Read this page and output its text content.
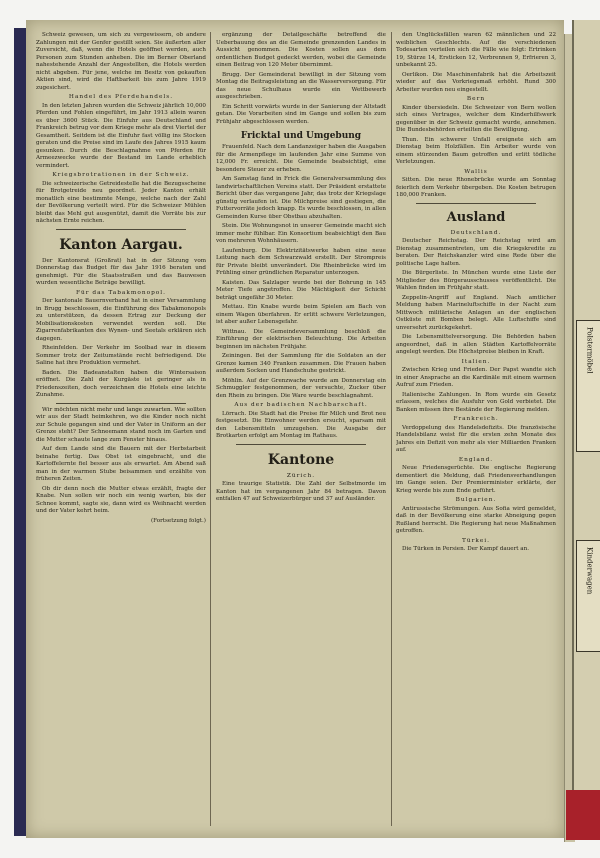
Schweiz gewesen, um sich zu vergewissern, ob andere Zahlungen mit der Genfer gestillt seien. Sie äußerten aller Zuversicht, daß, wenn die Hotels geöffnet werden, auch Personen zum Stunden anheben. Die im Berner Oberland nahestehende Anzahl der Angestellten, die Hotels werden nicht abgeben. Für jene, welche im Besitz von gekauften Aktien sind, wird die Haftbarkeit bis zum Jahre 1919 zugesichert.

Handel des Pferdehandels.

In den letzten Jahren wurden die Schweiz jährlich 10,000 Pferden und Fohlen eingeführt, im Jahr 1913 allein waren es über 3600 Stück. Die Einfuhr aus Deutschland und Frankreich betrug vor dem Kriege mehr als drei Viertel der Gesamtheit. Seitdem ist die Einfuhr fast völlig ins Stocken geraten und die Preise sind im Laufe des Jahres 1915 kaum gesunken. Durch die Beschlagnahme von Pferden für Armeezwecke wurde der Bestand im Lande erheblich vermindert.

Kriegsbrotrationen in der Schweiz.

Die schweizerische Getreidestelle hat die Bezugsscheine für Brotgetreide neu geordnet. Jeder Kanton erhält monatlich eine bestimmte Menge, welche nach der Zahl der Bevölkerung verteilt wird. Für die Schweizer Mühlen bleibt das Mehl gut ausgenützt, damit die Vorräte bis zur nächsten Ernte reichen.

Kanton Aargau.

Der Kantonsrat (Großrat) hat in der Sitzung vom Donnerstag das Budget für das Jahr 1916 beraten und genehmigt. Für die Staatsstraßen und das Bauwesen wurden wesentliche Beträge bewilligt.

Für das Tabakmonopol.

Der kantonale Bauernverband hat in einer Versammlung in Brugg beschlossen, die Einführung des Tabakmonopols zu unterstützen, da dessen Ertrag zur Deckung der Mobilisationskosten verwendet werden soll. Die Zigarrenfabrikanten des Wynen- und Seetals erklären sich dagegen.

Rheinfelden. Der Verkehr im Soolbad war in diesem Sommer trotz der Zeitumstände recht befriedigend. Die Saline hat ihre Produktion vermehrt.

Baden. Die Badeanstalten haben die Wintersaison eröffnet. Die Zahl der Kurgäste ist geringer als in Friedenszeiten, doch verzeichnen die Hotels eine leichte Zunahme.

Wir möchten nicht mehr und lange zuwarten. Wie sollten wir aus der Stadt heimkehren, wo die Kinder noch nicht zur Schule gegangen sind und der Vater in Uniform an der Grenze steht? Der Schneemann stand noch im Garten und die Mutter schaute lange zum Fenster hinaus.

Auf dem Lande sind die Bauern mit der Herbstarbeit beinahe fertig. Das Obst ist eingebracht, und die Kartoffelernte fiel besser aus als erwartet. Am Abend saß man in der warmen Stube beisammen und erzählte von früheren Zeiten.

Ob dir denn noch die Mutter etwas erzählt, fragte der Knabe. Nun sollen wir noch ein wenig warten, bis der Schnee kommt, sagte sie, dann wird es Weihnacht werden und der Vater kehrt heim.

(Fortsetzung folgt.)

ergänzung der Detailgeschäfte betreffend die Ueberbauung des an die Gemeinde grenzenden Landes in Aussicht genommen. Die Kosten sollen aus dem ordentlichen Budget gedeckt werden, wobei die Gemeinde einen Beitrag von 120 Meter übernimmt.

Brugg. Der Gemeinderat bewilligt in der Sitzung vom Montag die Beitragsleistung an die Wasserversorgung. Für das neue Schulhaus wurde ein Wettbewerb ausgeschrieben.

Ein Schritt vorwärts wurde in der Sanierung der Altstadt getan. Die Vorarbeiten sind im Gange und sollen bis zum Frühjahr abgeschlossen werden.

Fricktal und Umgebung

Frauenfeld. Nach dem Landanzeiger haben die Ausgaben für die Armenpflege im laufenden Jahr eine Summe von 12,000 Fr. erreicht. Die Gemeinde beabsichtigt, eine besondere Steuer zu erheben.

Am Samstag fand in Frick die Generalversammlung des landwirtschaftlichen Vereins statt. Der Präsident erstattete Bericht über das vergangene Jahr, das trotz der Kriegslage günstig verlaufen ist. Die Milchpreise sind gestiegen, die Futtervorräte jedoch knapp. Es wurde beschlossen, in allen Gemeinden Kurse über Obstbau abzuhalten.

Stein. Die Wohnungsnot in unserer Gemeinde macht sich immer mehr fühlbar. Ein Konsortium beabsichtigt den Bau von mehreren Wohnhäusern.

Laufenburg. Die Elektrizitätswerke haben eine neue Leitung nach dem Schwarzwald erstellt. Der Strompreis für Private bleibt unverändert. Die Rheinbrücke wird im Frühling einer gründlichen Reparatur unterzogen.

Kaisten. Das Salzlager wurde bei der Bohrung in 145 Meter Tiefe angetroffen. Die Mächtigkeit der Schicht beträgt ungefähr 30 Meter.

Mettau. Ein Knabe wurde beim Spielen am Bach von einem Wagen überfahren. Er erlitt schwere Verletzungen, ist aber außer Lebensgefahr.

Wittnau. Die Gemeindeversammlung beschloß die Einführung der elektrischen Beleuchtung. Die Arbeiten beginnen im nächsten Frühjahr.

Zeiningen. Bei der Sammlung für die Soldaten an der Grenze kamen 340 Franken zusammen. Die Frauen haben außerdem Socken und Handschuhe gestrickt.

Möhlin. Auf der Grenzwache wurde am Donnerstag ein Schmuggler festgenommen, der versuchte, Zucker über den Rhein zu bringen. Die Ware wurde beschlagnahmt.

Aus der badischen Nachbarschaft.

Lörrach. Die Stadt hat die Preise für Milch und Brot neu festgesetzt. Die Einwohner werden ersucht, sparsam mit den Lebensmitteln umzugehen. Die Ausgabe der Brotkarten erfolgt am Montag im Rathaus.

Kantone
Zürich.

Eine traurige Statistik. Die Zahl der Selbstmorde im Kanton hat im vergangenen Jahr 84 betragen. Davon entfallen 47 auf Schweizerbürger und 37 auf Ausländer.

den Unglücksfällen waren 62 männlichen und 22 weiblichen Geschlechts. Auf die verschiedenen Todesarten verteilen sich die Fälle wie folgt: Ertrinken 19, Stürze 14, Ersticken 12, Verbrennen 9, Erfrieren 3, unbekannt 25.

Oerlikon. Die Maschinenfabrik hat die Arbeitszeit wieder auf das Vorkriegsmaß erhöht. Rund 300 Arbeiter wurden neu eingestellt.

Bern

Kinder übersiedeln. Die Schweizer von Bern wollen sich eines Vertrages, welcher dem Kinderhilfswerk gegenüber in der Schweiz gemacht wurde, annehmen. Die Bundesbehörden erteilten die Bewilligung.

Thun. Ein schwerer Unfall ereignete sich am Dienstag beim Holzfällen. Ein Arbeiter wurde von einem stürzenden Baum getroffen und erlitt tödliche Verletzungen.

Wallis

Sitten. Die neue Rhonebrücke wurde am Sonntag feierlich dem Verkehr übergeben. Die Kosten betrugen 180,000 Franken.

Ausland
Deutschland.

Deutscher Reichstag. Der Reichstag wird am Dienstag zusammentreten, um die Kriegskredite zu beraten. Der Reichskanzler wird eine Rede über die politische Lage halten.

Die Bürgerliste. In München wurde eine Liste der Mitglieder des Bürgerausschusses veröffentlicht. Die Wahlen finden im Frühjahr statt.

Zeppelin-Angriff auf England. Nach amtlicher Meldung haben Marineluftschiffe in der Nacht zum Mittwoch militärische Anlagen an der englischen Ostküste mit Bomben belegt. Alle Luftschiffe sind unversehrt zurückgekehrt.

Die Lebensmittelversorgung. Die Behörden haben angeordnet, daß in allen Städten Kartoffelvorräte angelegt werden. Die Höchstpreise bleiben in Kraft.

Italien.

Zwischen Krieg und Frieden. Der Papst wandte sich in einer Ansprache an die Kardinäle mit einem warmen Aufruf zum Frieden.

Italienische Zahlungen. In Rom wurde ein Gesetz erlassen, welches die Ausfuhr von Gold verbietet. Die Banken müssen ihre Bestände der Regierung melden.

Frankreich.

Verdoppelung des Handelsdefizits. Die französische Handelsbilanz weist für die ersten zehn Monate des Jahres ein Defizit von mehr als vier Milliarden Franken auf.

England.

Neue Friedensgerüchte. Die englische Regierung dementiert die Meldung, daß Friedensverhandlungen im Gange seien. Der Premierminister erklärte, der Krieg werde bis zum Ende geführt.

Bulgarien.

Antirussische Strömungen. Aus Sofia wird gemeldet, daß in der Bevölkerung eine starke Abneigung gegen Rußland herrscht. Die Regierung hat neue Maßnahmen getroffen.

Türkei.

Die Türken in Persien. Der Kampf dauert an.

Polstermöbel
Kinderwagen
